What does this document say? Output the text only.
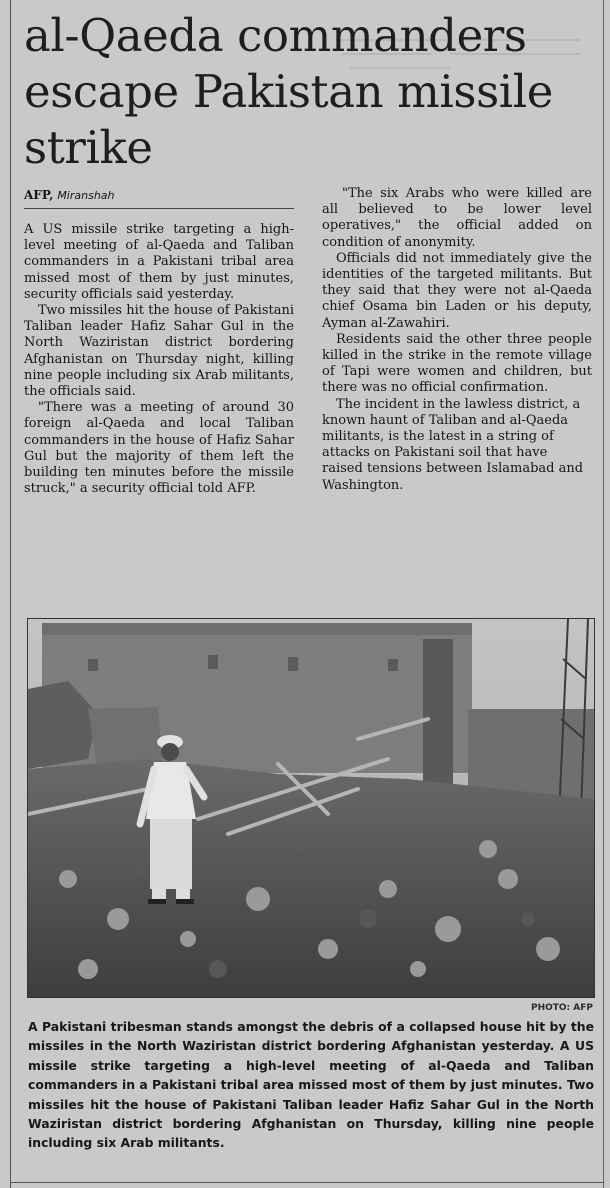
al-Qaeda commanders escape Pakistan missile strike
AFP, Miranshah

A US missile strike targeting a high-level meeting of al-Qaeda and Taliban commanders in a Pakistani tribal area missed most of them by just minutes, security officials said yesterday.

Two missiles hit the house of Pakistani Taliban leader Hafiz Sahar Gul in the North Waziristan district bordering Afghanistan on Thursday night, killing nine people including six Arab militants, the officials said.

"There was a meeting of around 30 foreign al-Qaeda and local Taliban commanders in the house of Hafiz Sahar Gul but the majority of them left the building ten minutes before the missile struck," a security official told AFP.

"The six Arabs who were killed are all believed to be lower level operatives," the official added on condition of anonymity.

Officials did not immediately give the identities of the targeted militants. But they said that they were not al-Qaeda chief Osama bin Laden or his deputy, Ayman al-Zawahiri.

Residents said the other three people killed in the strike in the remote village of Tapi were women and children, but there was no official confirmation.

The incident in the lawless district, a known haunt of Taliban and al-Qaeda militants, is the latest in a string of attacks on Pakistani soil that have raised tensions between Islamabad and Washington.

PHOTO: AFP

A Pakistani tribesman stands amongst the debris of a collapsed house hit by the missiles in the North Waziristan district bordering Afghanistan yesterday. A US missile strike targeting a high-level meeting of al-Qaeda and Taliban commanders in a Pakistani tribal area missed most of them by just minutes. Two missiles hit the house of Pakistani Taliban leader Hafiz Sahar Gul in the North Waziristan district bordering Afghanistan on Thursday, killing nine people including six Arab militants.
